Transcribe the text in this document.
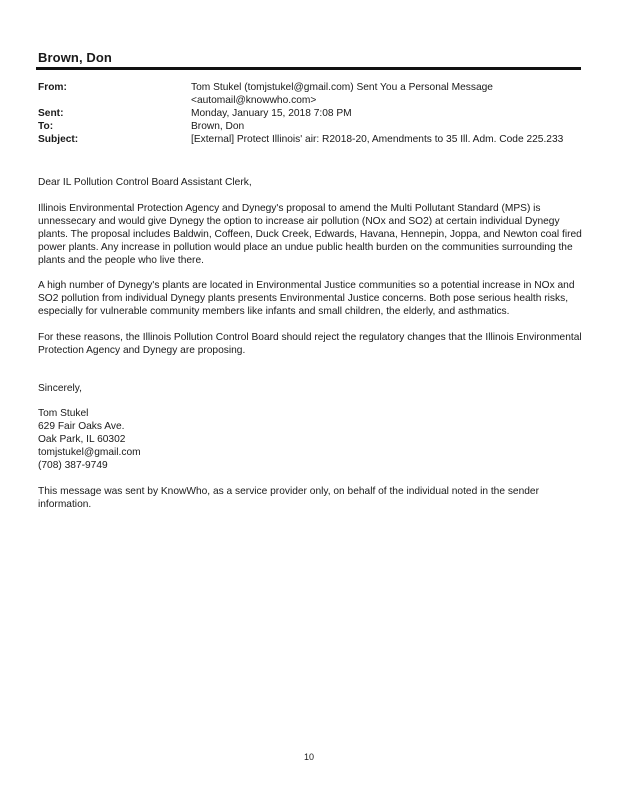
Brown, Don
From:	Tom Stukel (tomjstukel@gmail.com) Sent You a Personal Message
<automail@knowwho.com>
Sent:	Monday, January 15, 2018 7:08 PM
To:	Brown, Don
Subject:	[External] Protect Illinois' air: R2018-20, Amendments to 35 Ill. Adm. Code 225.233

Dear IL Pollution Control Board Assistant Clerk,

Illinois Environmental Protection Agency and Dynegy's proposal to amend the Multi Pollutant Standard (MPS) is unnessecary and would give Dynegy the option to increase air pollution (NOx and SO2) at certain individual Dynegy plants. The proposal includes Baldwin, Coffeen, Duck Creek, Edwards, Havana, Hennepin, Joppa, and Newton coal fired power plants. Any increase in pollution would place an undue public health burden on the communities surrounding the plants and the people who live there.

A high number of Dynegy's plants are located in Environmental Justice communities so a potential increase in NOx and SO2 pollution from individual Dynegy plants presents Environmental Justice concerns. Both pose serious health risks, especially for vulnerable community members like infants and small children, the elderly, and asthmatics.

For these reasons, the Illinois Pollution Control Board should reject the regulatory changes that the Illinois Environmental Protection Agency and Dynegy are proposing.

Sincerely,

Tom Stukel
629 Fair Oaks Ave.
Oak Park, IL 60302
tomjstukel@gmail.com
(708) 387-9749

This message was sent by KnowWho, as a service provider only, on behalf of the individual noted in the sender information.

10
